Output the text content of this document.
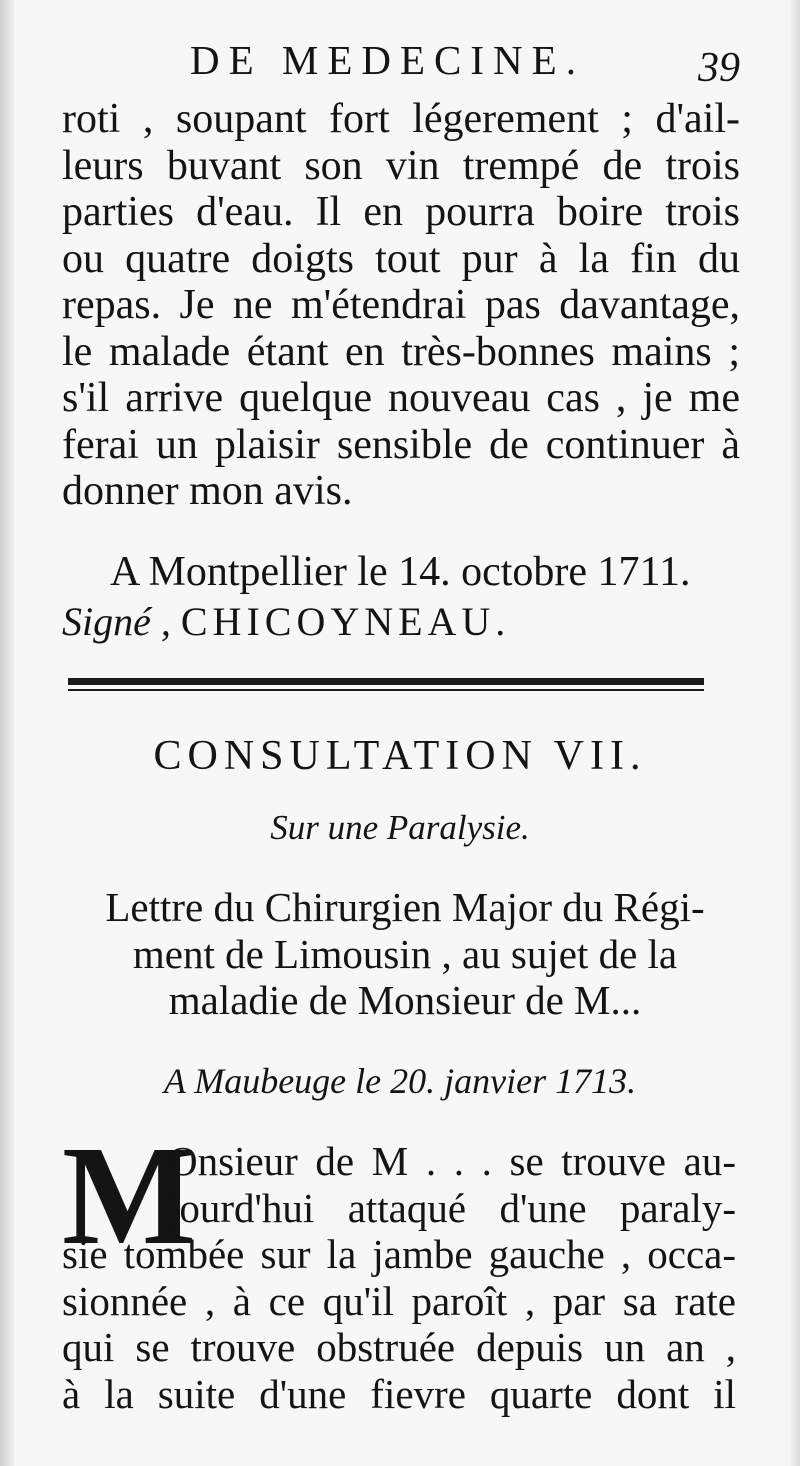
DE MEDECINE.	39
roti , soupant fort légerement ; d'ail-
leurs buvant son vin trempé de trois
parties d'eau. Il en pourra boire trois
ou quatre doigts tout pur à la fin du
repas. Je ne m'étendrai pas davantage,
le malade étant en très-bonnes mains ;
s'il arrive quelque nouveau cas , je me
ferai un plaisir sensible de continuer à
donner mon avis.
A Montpellier le 14. octobre 1711.
Signé , CHICOYNEAU.
CONSULTATION VII.
Sur une Paralysie.
Lettre du Chirurgien Major du Régi-
ment de Limousin , au sujet de la
maladie de Monsieur de M...
A Maubeuge le 20. janvier 1713.
M
Onsieur de M . . . se trouve au-
jourd'hui attaqué d'une paraly-
sie tombée sur la jambe gauche , occa-
sionnée , à ce qu'il paroît , par sa rate
qui se trouve obstruée depuis un an ,
à la suite d'une fievre quarte dont il
